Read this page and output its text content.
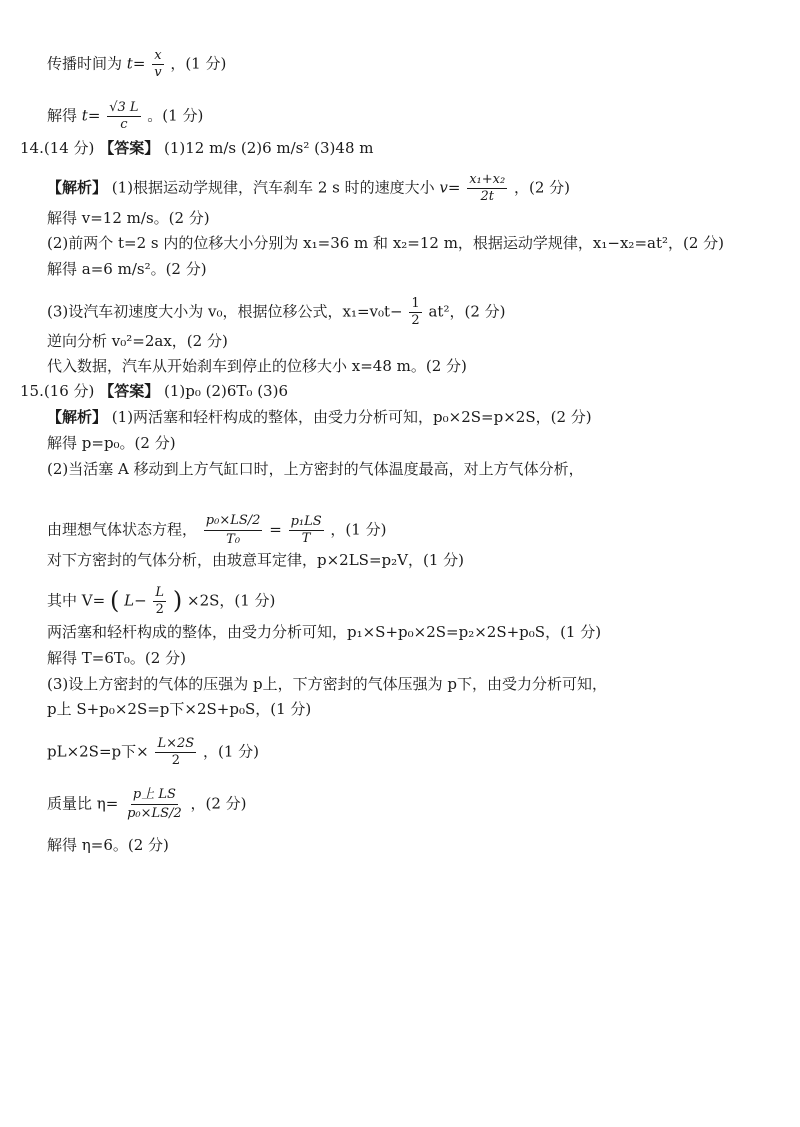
传播时间为 $t= \frac{x}{v}$ ，(1 分)
解得 $t= \frac{√3 L}{c}$ 。(1 分)
14.(14 分) 【答案】 (1)12 m/s (2)6 m/s² (3)48 m
【解析】 (1)根据运动学规律，汽车刹车 2 s 时的速度大小 $v= \frac{\text{x₁+x₂}}{2t}$ ，(2 分)
解得 v=12 m/s。(2 分)
(2)前两个 t=2 s 内的位移大小分别为 x₁=36 m 和 x₂=12 m，根据运动学规律，x₁−x₂=at²，(2 分)
解得 a=6 m/s²。(2 分)
(3)设汽车初速度大小为 v₀，根据位移公式，$x_1=v_0t- \frac{1}{2} at^2$，(2 分)
逆向分析 v₀²=2ax，(2 分)
代入数据，汽车从开始刹车到停止的位移大小 x=48 m。(2 分)
15.(16 分) 【答案】 (1)p₀ (2)6T₀ (3)6
【解析】 (1)两活塞和轻杆构成的整体，由受力分析可知，p₀×2S=p×2S，(2 分)
解得 p=p₀。(2 分)
(2)当活塞 A 移动到上方气缸口时，上方密封的气体温度最高，对上方气体分析，
由理想气体状态方程， $\frac{\text{p₀×LS/2}}{\text{T₀}} = \frac{\text{p₁LS}}{T}$ ，(1 分)
对下方密封的气体分析，由玻意耳定律，p×2LS=p₂V，(1 分)
其中 V= ( $L- \frac{L}{2}$ ) ×2S，(1 分)
两活塞和轻杆构成的整体，由受力分析可知，p₁×S+p₀×2S=p₂×2S+p₀S，(1 分)
解得 T=6T₀。(2 分)
(3)设上方密封的气体的压强为 p上，下方密封的气体压强为 p下，由受力分析可知，
p上 S+p₀×2S=p下×2S+p₀S，(1 分)
pL×2S=p下× $\frac{L\times 2S}{2}$ ，(1 分)
质量比 $\eta= \frac{\text{p上 LS}}{\text{p₀×LS/2}}$ ，(2 分)
解得 η=6。(2 分)
